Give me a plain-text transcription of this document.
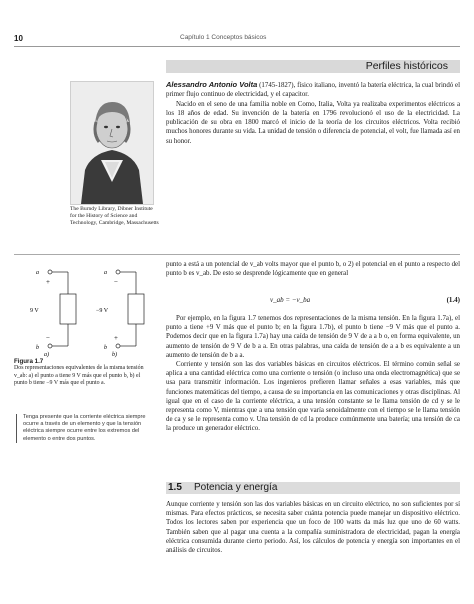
10	Capítulo 1 Conceptos básicos
Perfiles históricos
The Burndy Library, Dibner Institute for the History of Science and Technology, Cambridge, Massachusetts

Alessandro Antonio Volta (1745-1827), físico italiano, inventó la batería eléctrica, la cual brindó el primer flujo continuo de electricidad, y el capacitor.

Nacido en el seno de una familia noble en Como, Italia, Volta ya realizaba experimentos eléctricos a los 18 años de edad. Su invención de la batería en 1796 revolucionó el uso de la electricidad. La publicación de su obra en 1800 marcó el inicio de la teoría de los circuitos eléctricos. Volta recibió muchos honores durante su vida. La unidad de tensión o diferencia de potencial, el volt, fue llamada así en su honor.

punto a está a un potencial de v_ab volts mayor que el punto b, o 2) el potencial en el punto a respecto del punto b es v_ab. De esto se desprende lógicamente que en general

v_ab = −v_ba	(1.4)

Por ejemplo, en la figura 1.7 tenemos dos representaciones de la misma tensión. En la figura 1.7a), el punto a tiene +9 V más que el punto b; en la figura 1.7b), el punto b tiene −9 V más que el punto a. Podemos decir que en la figura 1.7a) hay una caída de tensión de 9 V de a a b o, en forma equivalente, un aumento de tensión de 9 V de b a a. En otras palabras, una caída de tensión de a a b es equivalente a un aumento de tensión de b a a.

Corriente y tensión son las dos variables básicas en circuitos eléctricos. El término común señal se aplica a una cantidad eléctrica como una corriente o tensión (o incluso una onda electromagnética) que se usa para transmitir información. Los ingenieros prefieren llamar señales a esas variables, más que funciones matemáticas del tiempo, a causa de su importancia en las comunicaciones y otras disciplinas. Al igual que en el caso de la corriente eléctrica, a una tensión constante se le llama tensión de cd y se le representa como V, mientras que a una tensión que varía senoidalmente con el tiempo se le llama tensión de ca y se le representa como v. Una tensión de cd la produce comúnmente una batería; una tensión de ca la produce un generador eléctrico.

a
+
9 V
−
b
a)
a
−
−9 V
+
b
b)
Figura 1.7
Dos representaciones equivalentes de la misma tensión v_ab: a) el punto a tiene 9 V más que el punto b, b) el punto b tiene −9 V más que el punto a.
Tenga presente que la corriente eléctrica siempre ocurre a través de un elemento y que la tensión eléctrica siempre ocurre entre los extremos del elemento o entre dos puntos.
1.5 Potencia y energía

Aunque corriente y tensión son las dos variables básicas en un circuito eléctrico, no son suficientes por sí mismas. Para efectos prácticos, se necesita saber cuánta potencia puede manejar un dispositivo eléctrico. Todos los lectores saben por experiencia que un foco de 100 watts da más luz que uno de 60 watts. También saben que al pagar una cuenta a la compañía suministradora de electricidad, pagan la energía eléctrica consumida durante cierto periodo. Así, los cálculos de potencia y energía son importantes en el análisis de circuitos.
